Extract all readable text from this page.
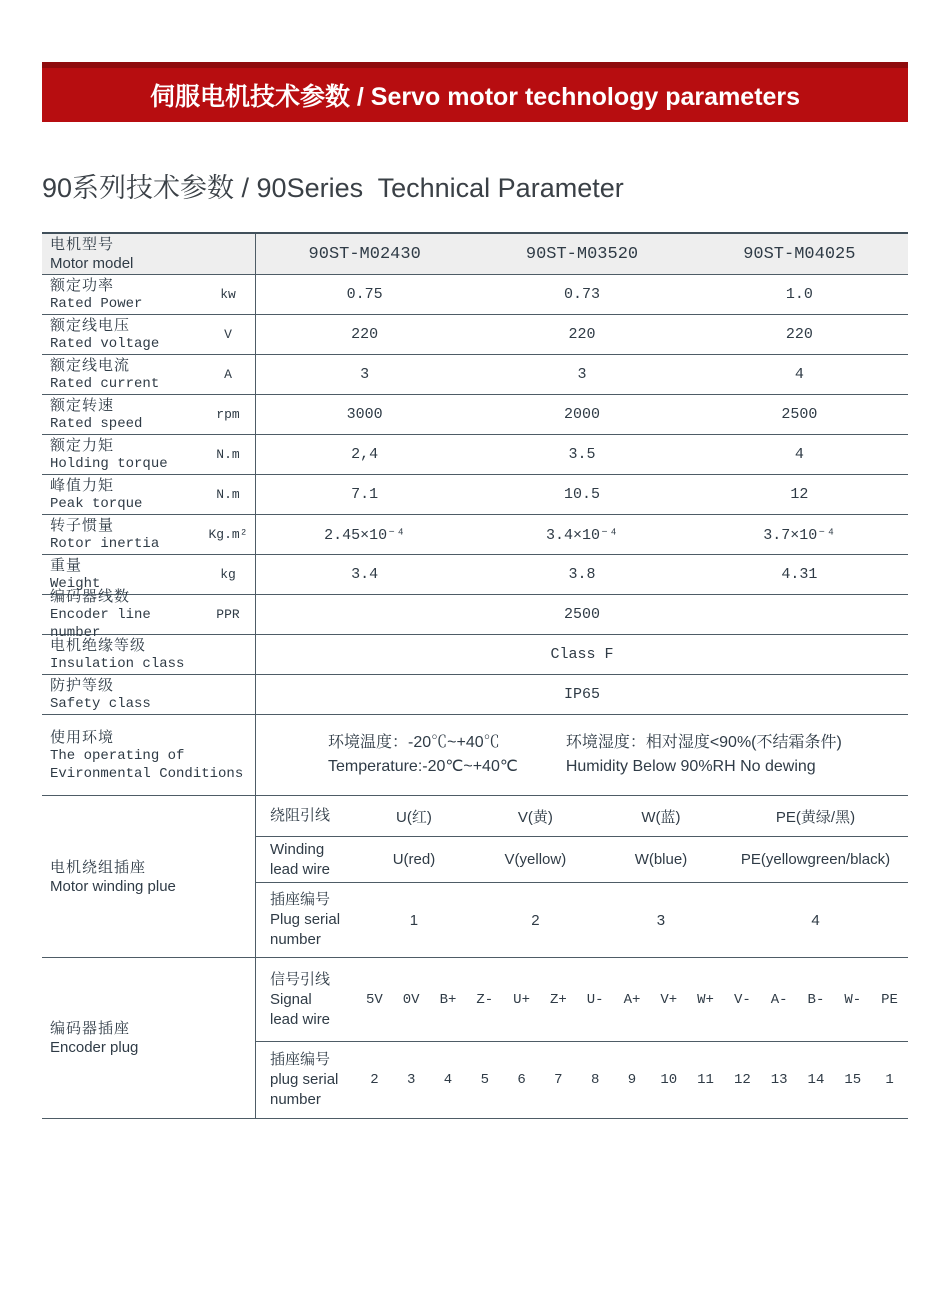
伺服电机技术参数 / Servo motor technology parameters
90系列技术参数 / 90Series  Technical Parameter
电机型号
Motor model	90ST-M02430	90ST-M03520	90ST-M04025
额定功率
Rated Power
kw	0.75	0.73	1.0
额定线电压
Rated voltage
V	220	220	220
额定线电流
Rated current
A	3	3	4
额定转速
Rated speed
rpm	3000	2000	2500
额定力矩
Holding torque
N.m	2,4	3.5	4
峰值力矩
Peak torque
N.m	7.1	10.5	12
转子惯量
Rotor inertia
Kg.m²	2.45×10⁻⁴	3.4×10⁻⁴	3.7×10⁻⁴
重量
Weight
kg	3.4	3.8	4.31
编码器线数
Encoder line number
PPR	2500
电机绝缘等级
Insulation class
Class F
防护等级
Safety class
IP65
使用环境
The operating of
Evironmental Conditions
环境温度：-20℃~+40℃
Temperature:-20℃~+40℃
环境湿度：相对湿度<90%(不结霜条件)
Humidity Below 90%RH No dewing
电机绕组插座
Motor winding plue
绕阻引线	U(红)	V(黄)	W(蓝)	PE(黄绿/黑)
Winding
lead wire
U(red)	V(yellow)	W(blue)	PE(yellowgreen/black)
插座编号
Plug serial
number
1	2	3	4
编码器插座
Encoder plug
信号引线
Signal
lead wire
5V	0V	B+	Z-	U+	Z+	U-	A+	V+	W+	V-	A-	B-	W-	PE
插座编号
plug serial
number
2	3	4	5	6	7	8	9	10	11	12	13	14	15	1
